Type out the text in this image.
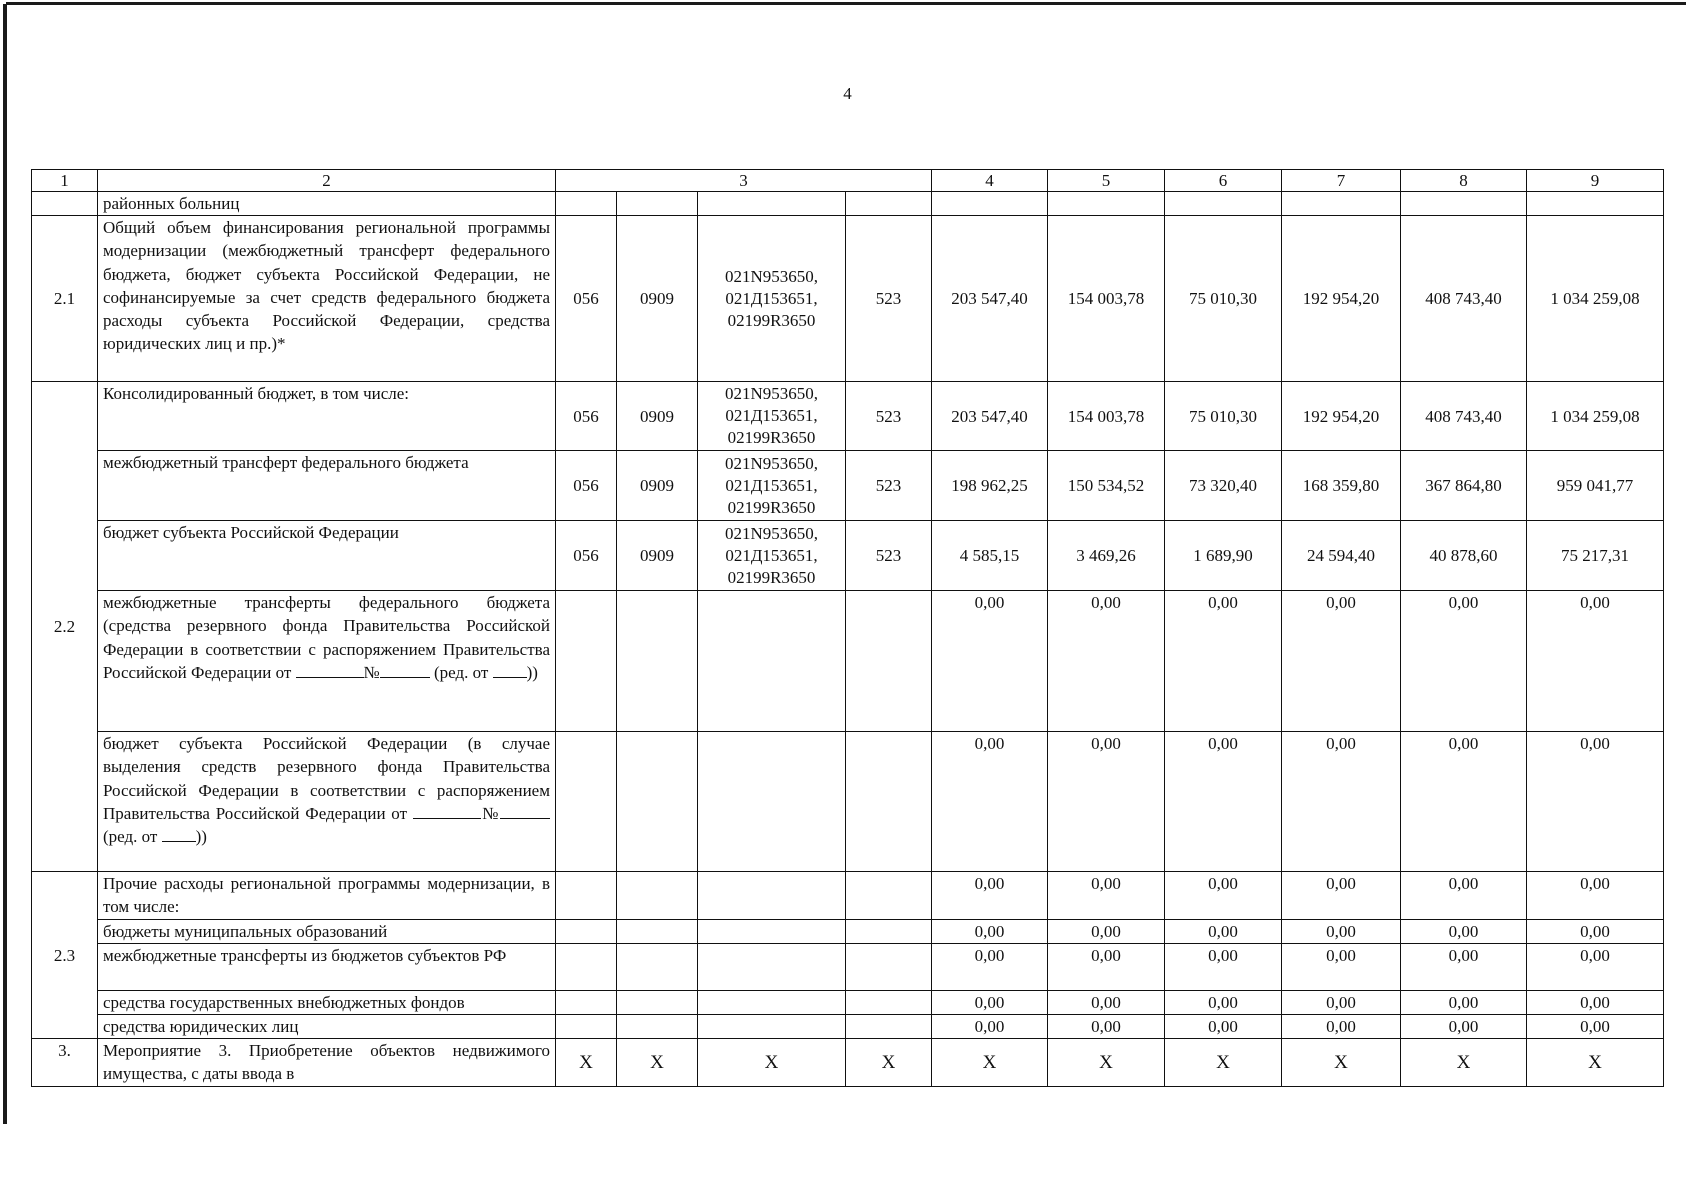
4
1	2	3				4	5	6	7	8	9
	районных больниц										
2.1	Общий объем финансирования региональной программы модернизации (межбюджетный трансферт федерального бюджета, бюджет субъекта Российской Федерации, не софинансируемые за счет средств федерального бюджета расходы субъекта Российской Федерации, средства юридических лиц и пр.)*	056	0909	021N953650, 021Д153651, 02199R3650	523	203 547,40	154 003,78	75 010,30	192 954,20	408 743,40	1 034 259,08
2.2	Консолидированный бюджет, в том числе:	056	0909	021N953650, 021Д153651, 02199R3650	523	203 547,40	154 003,78	75 010,30	192 954,20	408 743,40	1 034 259,08
	межбюджетный трансферт федерального бюджета	056	0909	021N953650, 021Д153651, 02199R3650	523	198 962,25	150 534,52	73 320,40	168 359,80	367 864,80	959 041,77
	бюджет субъекта Российской Федерации	056	0909	021N953650, 021Д153651, 02199R3650	523	4 585,15	3 469,26	1 689,90	24 594,40	40 878,60	75 217,31
	межбюджетные трансферты федерального бюджета (средства резервного фонда Правительства Российской Федерации в соответствии с распоряжением Правительства Российской Федерации от № (ред. от ))					0,00	0,00	0,00	0,00	0,00	0,00
	бюджет субъекта Российской Федерации (в случае выделения средств резервного фонда Правительства Российской Федерации в соответствии с распоряжением Правительства Российской Федерации от № (ред. от ))					0,00	0,00	0,00	0,00	0,00	0,00
2.3	Прочие расходы региональной программы модернизации, в том числе:					0,00	0,00	0,00	0,00	0,00	0,00
	бюджеты муниципальных образований					0,00	0,00	0,00	0,00	0,00	0,00
	межбюджетные трансферты из бюджетов субъектов РФ					0,00	0,00	0,00	0,00	0,00	0,00
	средства государственных внебюджетных фондов					0,00	0,00	0,00	0,00	0,00	0,00
	средства юридических лиц					0,00	0,00	0,00	0,00	0,00	0,00
3.	Мероприятие 3. Приобретение объектов недвижимого имущества, с даты ввода в	Х	Х	Х	Х	Х	Х	Х	Х	Х	Х
